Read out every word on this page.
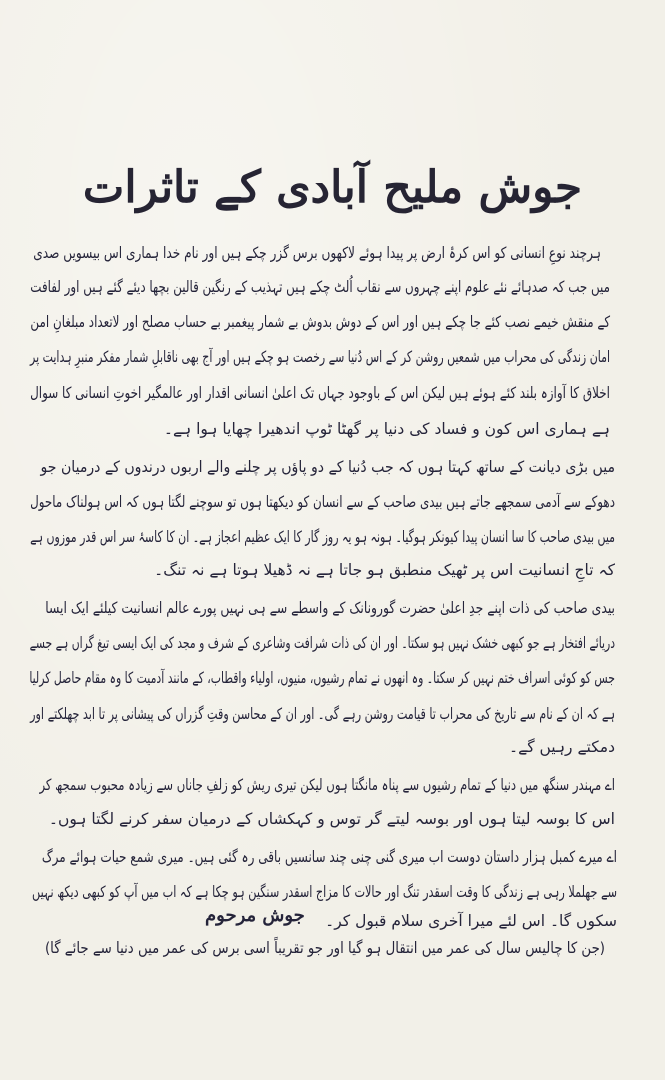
جوش ملیح آبادی کے تاثرات
ہرچند نوعِ انسانی کو اس کرۂ ارض پر پیدا ہوئے لاکھوں برس گزر چکے ہیں اور نام خدا ہماری اس بیسویں صدی
میں جب کہ صدہائے نئے علوم اپنے چہروں سے نقاب اُلٹ چکے ہیں تہذیب کے رنگین قالین بچھا دیئے گئے ہیں اور لفافت
کے منقش خیمے نصب کئے جا چکے ہیں اور اس کے دوش بدوش بے شمار پیغمبر بے حساب مصلح اور لاتعداد مبلغانِ امن
امان زندگی کی محراب میں شمعیں روشن کر کے اس دُنیا سے رخصت ہو چکے ہیں اور آج بھی ناقابلِ شمار مفکر منبرِ ہدایت پر
اخلاق کا آوازہ بلند کئے ہوئے ہیں لیکن اس کے باوجود جہاں تک اعلیٰ انسانی اقدار اور عالمگیر اخوتِ انسانی کا سوال
ہے ہماری اس کون و فساد کی دنیا پر گھٹا ٹوپ اندھیرا چھایا ہوا ہے۔
میں بڑی دیانت کے ساتھ کہتا ہوں کہ جب دُنیا کے دو پاؤں پر چلنے والے اربوں درندوں کے درمیان جو
دھوکے سے آدمی سمجھے جاتے ہیں بیدی صاحب کے سے انسان کو دیکھتا ہوں تو سوچنے لگتا ہوں کہ اس ہولناک ماحول
میں بیدی صاحب کا سا انسان پیدا کیونکر ہوگیا۔ ہونہ ہو یہ روز گار کا ایک عظیم اعجاز ہے۔ ان کا کاسۂ سر اس قدر موزوں ہے
کہ تاجِ انسانیت اس پر ٹھیک منطبق ہو جاتا ہے نہ ڈھیلا ہوتا ہے نہ تنگ۔
بیدی صاحب کی ذات اپنے جدِ اعلیٰ حضرت گورونانک کے واسطے سے ہی نہیں پورے عالم انسانیت کیلئے ایک ایسا
دریائے افتخار ہے جو کبھی خشک نہیں ہو سکتا۔ اور ان کی ذات شرافت وشاعری کے شرف و مجد کی ایک ایسی تیغ گراں ہے جسے
جس کو کوئی اسراف ختم نہیں کر سکتا۔ وہ انھوں نے تمام رشیوں، منیوں، اولیاء واقطاب، کے مانند آدمیت کا وہ مقام حاصل کرلیا
ہے کہ ان کے نام سے تاریخ کی محراب تا قیامت روشن رہے گی۔ اور ان کے محاسن وقتِ گزراں کی پیشانی پر تا ابد چھلکتے اور
دمکتے رہیں گے۔
اے مہندر سنگھ میں دنیا کے تمام رشیوں سے پناہ مانگتا ہوں لیکن تیری ریش کو زلفِ جاناں سے زیادہ محبوب سمجھ کر
اس کا بوسہ لیتا ہوں اور بوسہ لیتے گر توس و کہکشاں کے درمیان سفر کرنے لگتا ہوں۔
اے میرے کمبل ہزار داستان دوست اب میری گنی چنی چند سانسیں باقی رہ گئی ہیں۔ میری شمع حیات ہوائے مرگ
سے جھلملا رہی ہے زندگی کا وقت اسقدر تنگ اور حالات کا مزاج اسقدر سنگین ہو چکا ہے کہ اب میں آپ کو کبھی دیکھ نہیں
سکوں گا۔ اس لئے میرا آخری سلام قبول کر۔
جوش مرحوم
(جن کا چالیس سال کی عمر میں انتقال ہو گیا اور جو تقریباً اسی برس کی عمر میں دنیا سے جائے گا)
